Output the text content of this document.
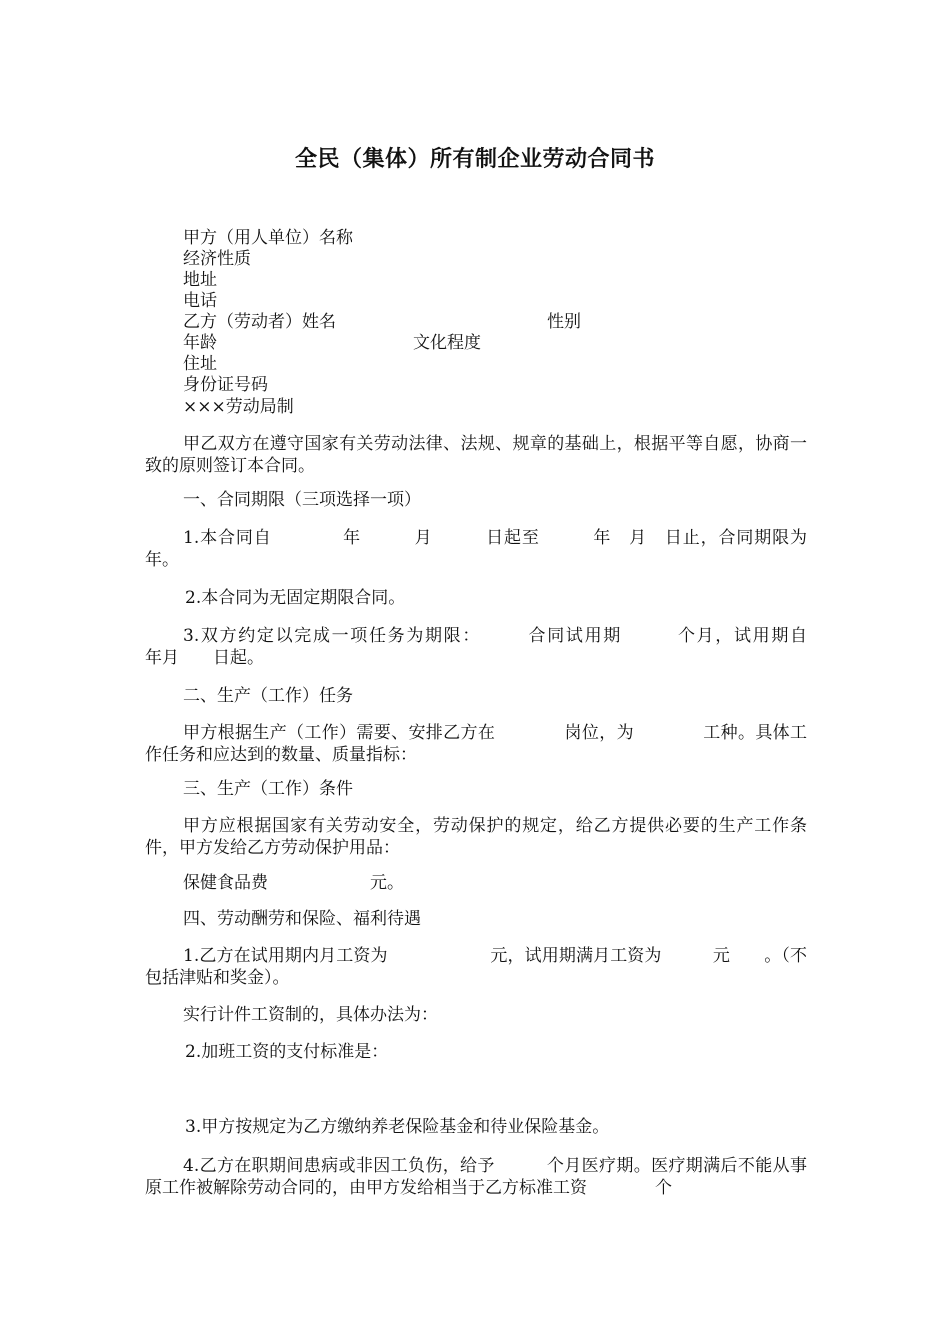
全民（集体）所有制企业劳动合同书
甲方（用人单位）名称
经济性质
地址
电话
乙方（劳动者）姓名	性别
年龄	文化程度
住址
身份证号码
×××劳动局制
甲乙双方在遵守国家有关劳动法律、法规、规章的基础上，根据平等自愿，协商一致的原则签订本合同。
一、合同期限（三项选择一项）
1.本合同自　　　　年　　　月　　　日起至　　　年　月　日止，合同期限为年。
2.本合同为无固定期限合同。
3.双方约定以完成一项任务为期限：　　　合同试用期　　　个月，试用期自　　　年月　　日起。
二、生产（工作）任务
甲方根据生产（工作）需要、安排乙方在　　　　岗位，为　　　　工种。具体工作任务和应达到的数量、质量指标：
三、生产（工作）条件
甲方应根据国家有关劳动安全，劳动保护的规定，给乙方提供必要的生产工作条件，甲方发给乙方劳动保护用品：
保健食品费　　　　　　元。
四、劳动酬劳和保险、福利待遇
1.乙方在试用期内月工资为　　　　　　元，试用期满月工资为　　　元　　。（不包括津贴和奖金）。
实行计件工资制的，具体办法为：
2.加班工资的支付标准是：
3.甲方按规定为乙方缴纳养老保险基金和待业保险基金。
4.乙方在职期间患病或非因工负伤，给予　　　个月医疗期。医疗期满后不能从事原工作被解除劳动合同的，由甲方发给相当于乙方标准工资　　　　个
